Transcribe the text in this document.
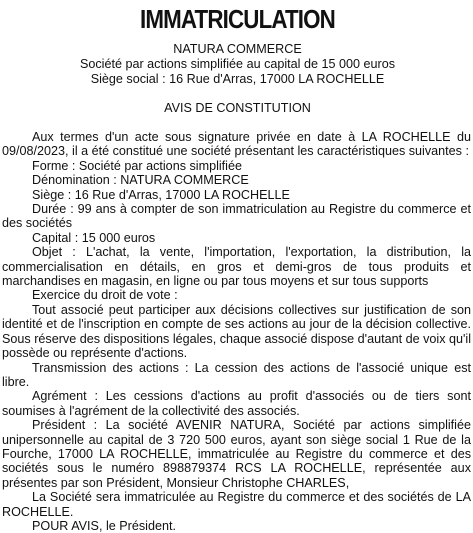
IMMATRICULATION

NATURA COMMERCE

Société par actions simplifiée au capital de 15 000 euros

Siège social : 16 Rue d'Arras, 17000 LA ROCHELLE

AVIS DE CONSTITUTION

Aux termes d'un acte sous signature privée en date à LA ROCHELLE du 09/08/2023, il a été constitué une société présentant les caractéristiques suivantes :

Forme : Société par actions simplifiée

Dénomination : NATURA COMMERCE

Siège : 16 Rue d'Arras, 17000 LA ROCHELLE

Durée : 99 ans à compter de son immatriculation au Registre du commerce et des sociétés

Capital : 15 000 euros

Objet : L'achat, la vente, l'importation, l'exportation, la distribution, la commercialisation en détails, en gros et demi-gros de tous produits et marchandises en magasin, en ligne ou par tous moyens et sur tous supports

Exercice du droit de vote :

Tout associé peut participer aux décisions collectives sur justification de son identité et de l'inscription en compte de ses actions au jour de la décision collective. Sous réserve des dispositions légales, chaque associé dispose d'autant de voix qu'il possède ou représente d'actions.

Transmission des actions : La cession des actions de l'associé unique est libre.

Agrément : Les cessions d'actions au profit d'associés ou de tiers sont soumises à l'agrément de la collectivité des associés.

Président : La société AVENIR NATURA, Société par actions simplifiée unipersonnelle au capital de 3 720 500 euros, ayant son siège social 1 Rue de la Fourche, 17000 LA ROCHELLE, immatriculée au Registre du commerce et des sociétés sous le numéro 898879374 RCS LA ROCHELLE, représentée aux présentes par son Président, Monsieur Christophe CHARLES,

La Société sera immatriculée au Registre du commerce et des sociétés de LA ROCHELLE.

POUR AVIS, le Président.
